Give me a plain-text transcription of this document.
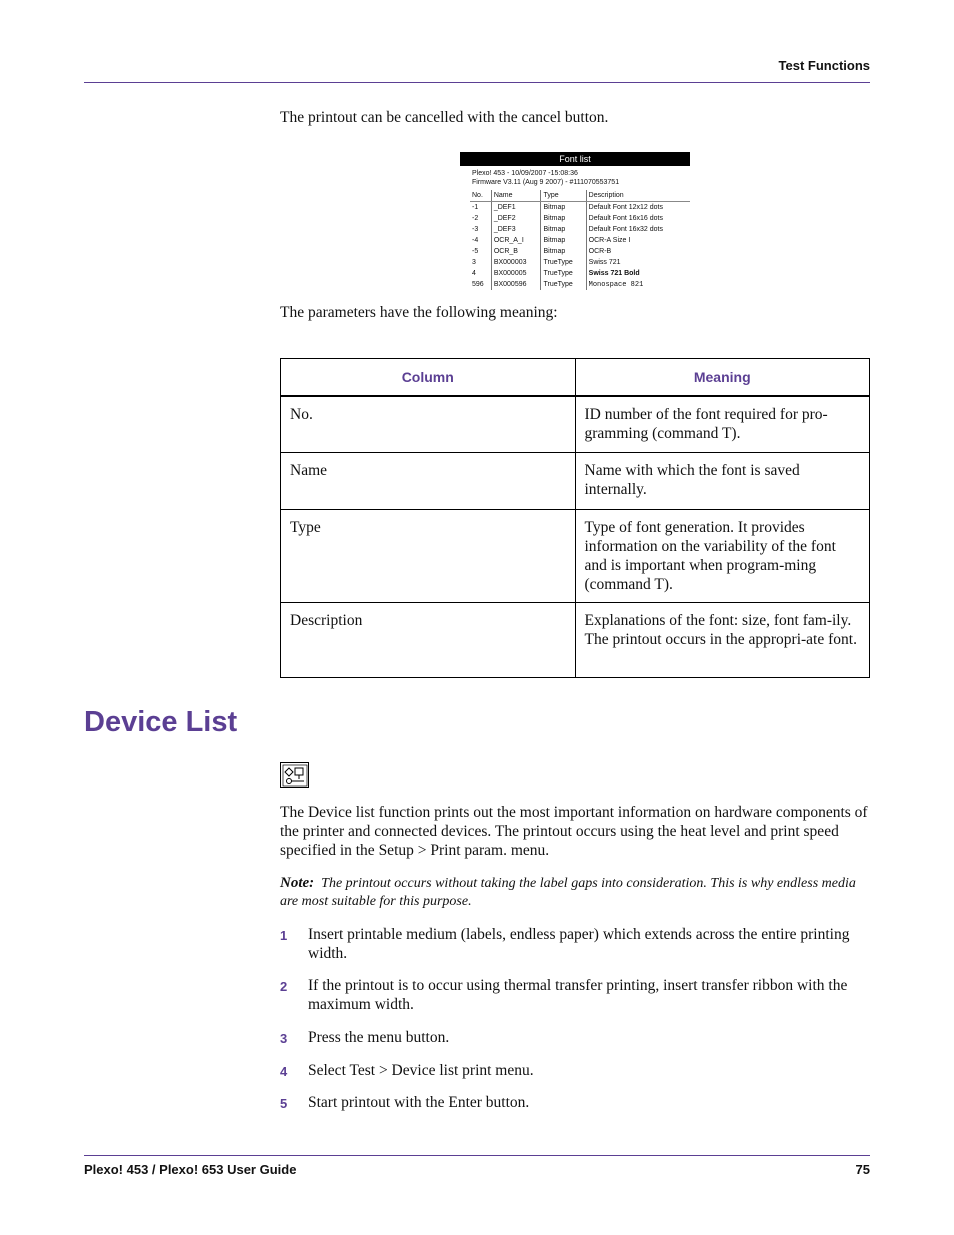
Test Functions
The printout can be cancelled with the cancel button.
Font list
Plexo! 453 - 10/09/2007 -15:08:36
Firmware V3.11 (Aug 9 2007) - #111070553751
No.	Name	Type	Description
-1	_DEF1	Bitmap	Default Font 12x12 dots
-2	_DEF2	Bitmap	Default Font 16x16 dots
-3	_DEF3	Bitmap	Default Font 16x32 dots
-4	OCR_A_I	Bitmap	OCR-A Size I
-5	OCR_B	Bitmap	OCR-B
3	BX000003	TrueType	Swiss 721
4	BX000005	TrueType	Swiss 721 Bold
596	BX000596	TrueType	Monospace 821
The parameters have the following meaning:
Column	Meaning
No.	ID number of the font required for pro-gramming (command T).
Name	Name with which the font is saved internally.
Type	Type of font generation. It provides information on the variability of the font and is important when program-ming (command T).
Description	Explanations of the font: size, font fam-ily. The printout occurs in the appropri-ate font.
Device List
The Device list function prints out the most important information on hardware components of the printer and connected devices. The printout occurs using the heat level and print speed specified in the Setup > Print param. menu.
Note: The printout occurs without taking the label gaps into consideration. This is why endless media are most suitable for this purpose.
1 Insert printable medium (labels, endless paper) which extends across the entire printing width.
2 If the printout is to occur using thermal transfer printing, insert transfer ribbon with the maximum width.
3 Press the menu button.
4 Select Test > Device list print menu.
5 Start printout with the Enter button.
Plexo! 453 / Plexo! 653 User Guide	75
